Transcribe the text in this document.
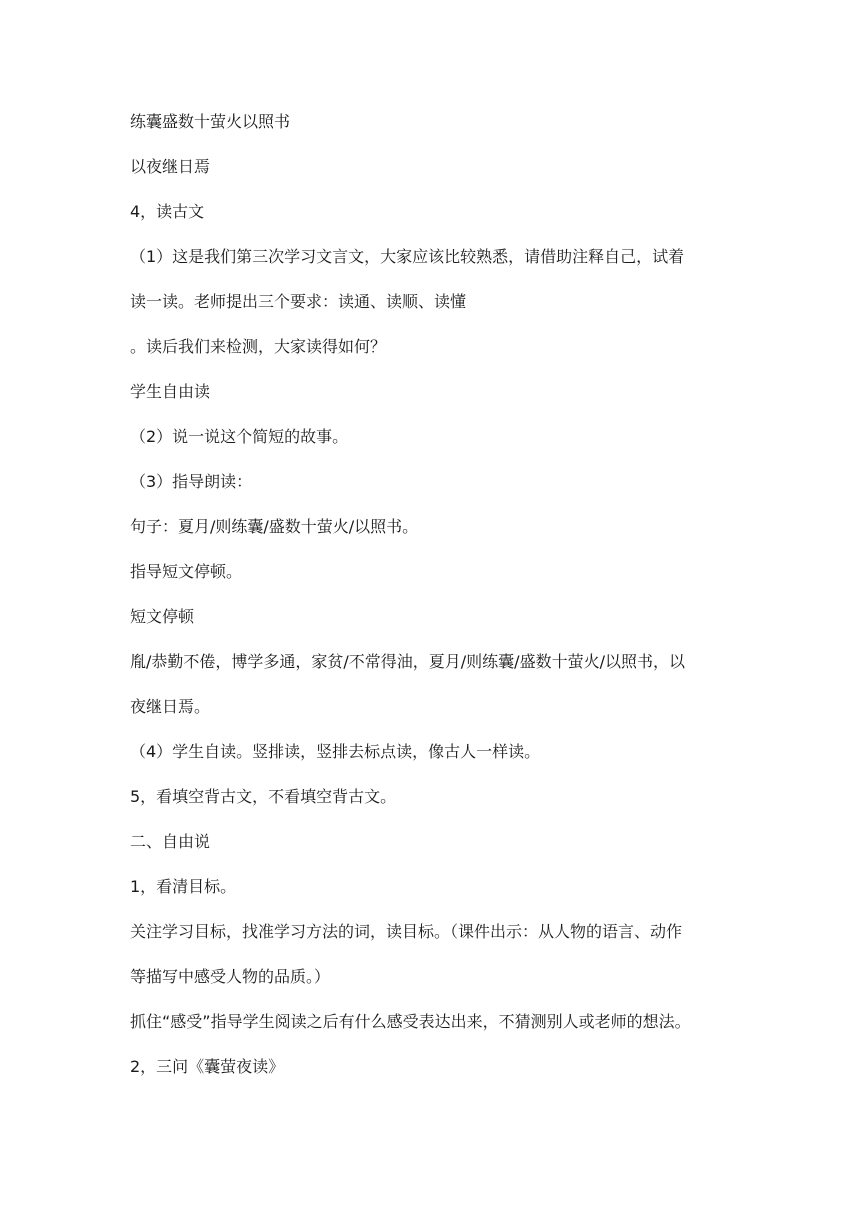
练囊盛数十萤火以照书
以夜继日焉
4，读古文
（1）这是我们第三次学习文言文，大家应该比较熟悉，请借助注释自己，试着
读一读。老师提出三个要求：读通、读顺、读懂
。读后我们来检测，大家读得如何？
学生自由读
（2）说一说这个简短的故事。
（3）指导朗读：
句子：夏月/则练囊/盛数十萤火/以照书。
指导短文停顿。
短文停顿
胤/恭勤不倦，博学多通，家贫/不常得油，夏月/则练囊/盛数十萤火/以照书，以
夜继日焉。
（4）学生自读。竖排读，竖排去标点读，像古人一样读。
5，看填空背古文，不看填空背古文。
二、自由说
1，看清目标。
关注学习目标，找准学习方法的词，读目标。（课件出示：从人物的语言、动作
等描写中感受人物的品质。）
抓住“感受”指导学生阅读之后有什么感受表达出来，不猜测别人或老师的想法。
2，三问《囊萤夜读》
